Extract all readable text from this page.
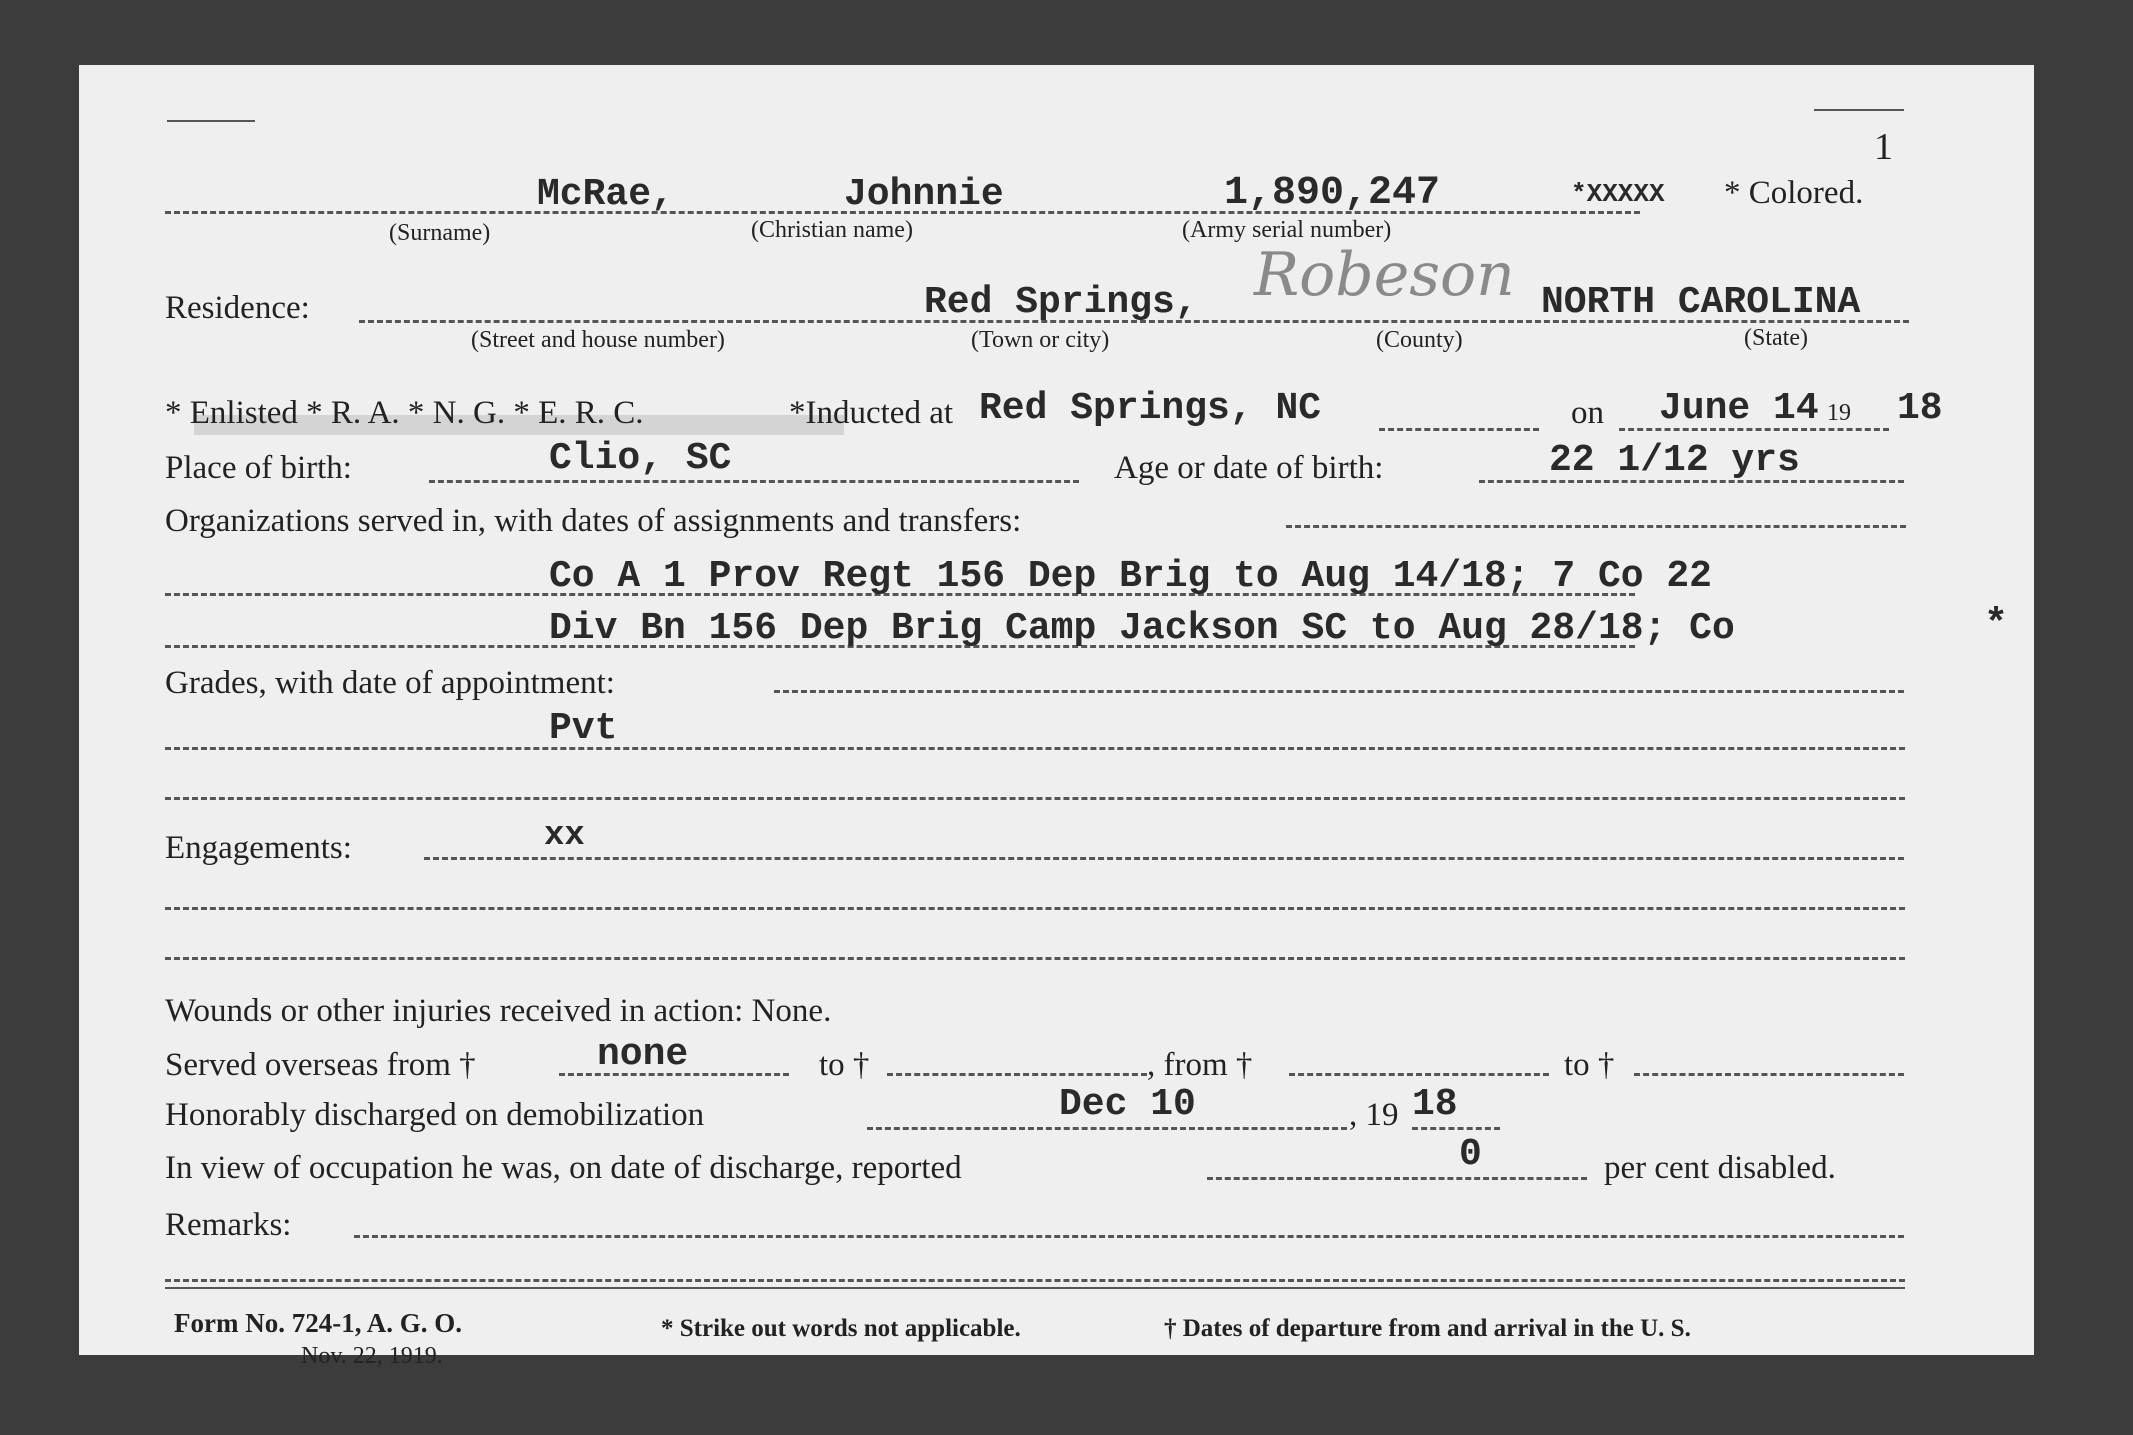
1
McRae,	Johnnie	1,890,247	*XXXXX * Colored.
(Surname)	(Christian name)	(Army serial number)
Residence:	Red Springs, Robeson NORTH CAROLINA
(Street and house number)	(Town or city)	(County)	(State)
* Enlisted * R. A. * N. G. * E. R. C.	*Inducted at Red Springs, NC	on June 14 19 18
Place of birth:	Clio, SC	Age or date of birth:	22 1/12 yrs
Organizations served in, with dates of assignments and transfers:
Co A 1 Prov Regt 156 Dep Brig to Aug 14/18; 7 Co 22
Div Bn 156 Dep Brig Camp Jackson SC to Aug 28/18; Co	*
Grades, with date of appointment:
Pvt
Engagements:	xx
Wounds or other injuries received in action: None.
Served overseas from †	none	to †	, from †	to †
Honorably discharged on demobilization	Dec 10	, 19 18
In view of occupation he was, on date of discharge, reported	0	per cent disabled.
Remarks:
Form No. 724-1, A. G. O.
Nov. 22, 1919.
* Strike out words not applicable.	† Dates of departure from and arrival in the U. S.
